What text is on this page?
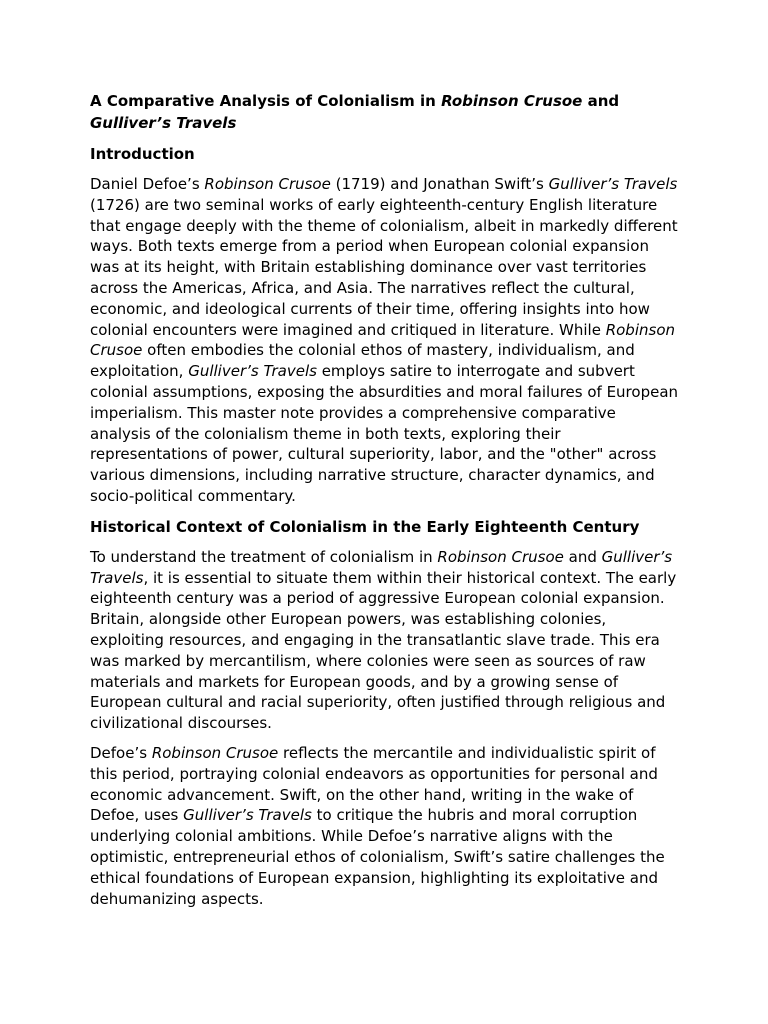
A Comparative Analysis of Colonialism in Robinson Crusoe and
Gulliver’s Travels
Introduction

Daniel Defoe’s Robinson Crusoe (1719) and Jonathan Swift’s Gulliver’s Travels (1726) are two seminal works of early eighteenth-century English literature that engage deeply with the theme of colonialism, albeit in markedly different ways. Both texts emerge from a period when European colonial expansion was at its height, with Britain establishing dominance over vast territories across the Americas, Africa, and Asia. The narratives reflect the cultural, economic, and ideological currents of their time, offering insights into how colonial encounters were imagined and critiqued in literature. While Robinson Crusoe often embodies the colonial ethos of mastery, individualism, and exploitation, Gulliver’s Travels employs satire to interrogate and subvert colonial assumptions, exposing the absurdities and moral failures of European imperialism. This master note provides a comprehensive comparative analysis of the colonialism theme in both texts, exploring their representations of power, cultural superiority, labor, and the "other" across various dimensions, including narrative structure, character dynamics, and socio-political commentary.

Historical Context of Colonialism in the Early Eighteenth Century

To understand the treatment of colonialism in Robinson Crusoe and Gulliver’s Travels, it is essential to situate them within their historical context. The early eighteenth century was a period of aggressive European colonial expansion. Britain, alongside other European powers, was establishing colonies, exploiting resources, and engaging in the transatlantic slave trade. This era was marked by mercantilism, where colonies were seen as sources of raw materials and markets for European goods, and by a growing sense of European cultural and racial superiority, often justified through religious and civilizational discourses.

Defoe’s Robinson Crusoe reflects the mercantile and individualistic spirit of this period, portraying colonial endeavors as opportunities for personal and economic advancement. Swift, on the other hand, writing in the wake of Defoe, uses Gulliver’s Travels to critique the hubris and moral corruption underlying colonial ambitions. While Defoe’s narrative aligns with the optimistic, entrepreneurial ethos of colonialism, Swift’s satire challenges the ethical foundations of European expansion, highlighting its exploitative and dehumanizing aspects.
